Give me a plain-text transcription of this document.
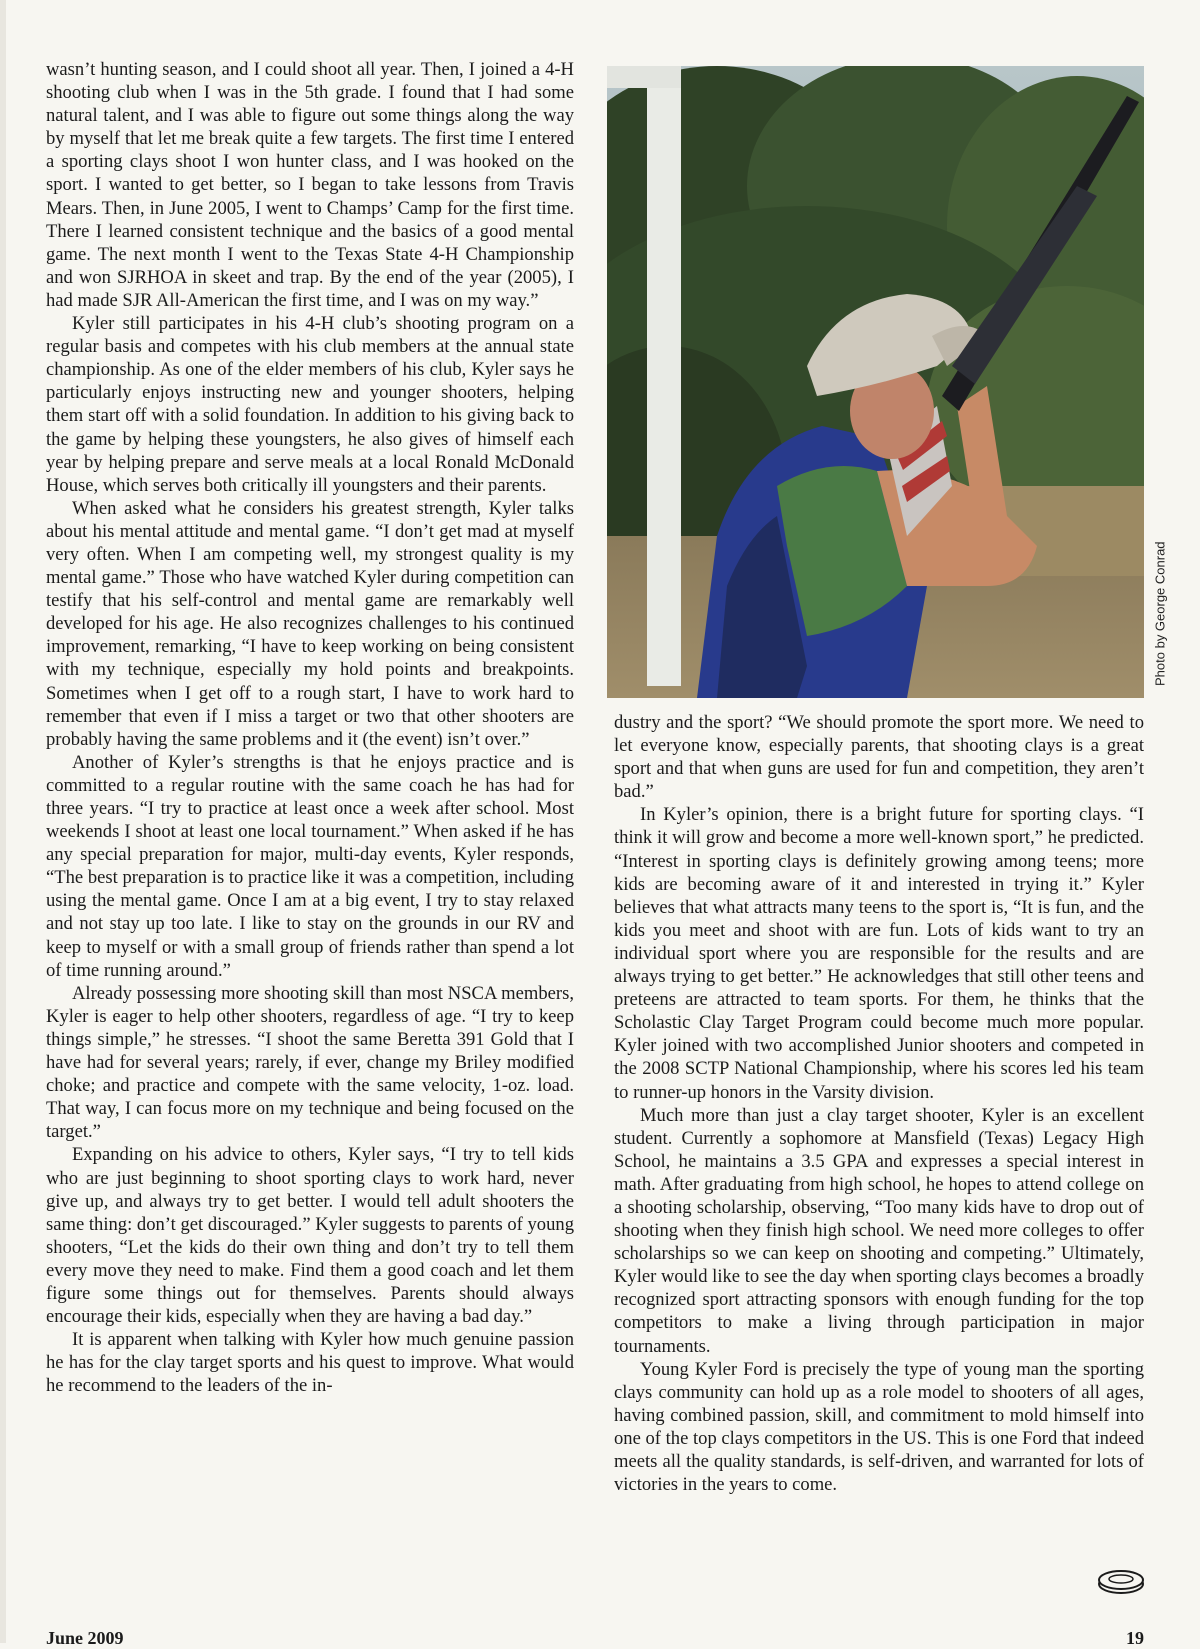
wasn’t hunting season, and I could shoot all year. Then, I joined a 4-H shooting club when I was in the 5th grade. I found that I had some natural talent, and I was able to figure out some things along the way by myself that let me break quite a few targets. The first time I entered a sporting clays shoot I won hunter class, and I was hooked on the sport. I wanted to get better, so I began to take lessons from Travis Mears. Then, in June 2005, I went to Champs’ Camp for the first time. There I learned consistent technique and the basics of a good mental game. The next month I went to the Texas State 4-H Championship and won SJRHOA in skeet and trap. By the end of the year (2005), I had made SJR All-American the first time, and I was on my way.”

Kyler still participates in his 4-H club’s shooting program on a regular basis and competes with his club members at the annual state championship. As one of the elder members of his club, Kyler says he particularly enjoys instructing new and younger shooters, helping them start off with a solid foundation. In addition to his giving back to the game by helping these youngsters, he also gives of himself each year by helping prepare and serve meals at a local Ronald McDonald House, which serves both critically ill youngsters and their parents.

When asked what he considers his greatest strength, Kyler talks about his mental attitude and mental game. “I don’t get mad at myself very often. When I am competing well, my strongest quality is my mental game.” Those who have watched Kyler during competition can testify that his self-control and mental game are remarkably well developed for his age. He also recognizes challenges to his continued improvement, remarking, “I have to keep working on being consistent with my technique, especially my hold points and breakpoints. Sometimes when I get off to a rough start, I have to work hard to remember that even if I miss a target or two that other shooters are probably having the same problems and it (the event) isn’t over.”

Another of Kyler’s strengths is that he enjoys practice and is committed to a regular routine with the same coach he has had for three years. “I try to practice at least once a week after school. Most weekends I shoot at least one local tournament.” When asked if he has any special preparation for major, multi-day events, Kyler responds, “The best preparation is to practice like it was a competition, including using the mental game. Once I am at a big event, I try to stay relaxed and not stay up too late. I like to stay on the grounds in our RV and keep to myself or with a small group of friends rather than spend a lot of time running around.”

Already possessing more shooting skill than most NSCA members, Kyler is eager to help other shooters, regardless of age. “I try to keep things simple,” he stresses. “I shoot the same Beretta 391 Gold that I have had for several years; rarely, if ever, change my Briley modified choke; and practice and compete with the same velocity, 1-oz. load. That way, I can focus more on my technique and being focused on the target.”

Expanding on his advice to others, Kyler says, “I try to tell kids who are just beginning to shoot sporting clays to work hard, never give up, and always try to get better. I would tell adult shooters the same thing: don’t get discouraged.” Kyler suggests to parents of young shooters, “Let the kids do their own thing and don’t try to tell them every move they need to make. Find them a good coach and let them figure some things out for themselves. Parents should always encourage their kids, especially when they are having a bad day.”

It is apparent when talking with Kyler how much genuine passion he has for the clay target sports and his quest to improve. What would he recommend to the leaders of the in-

Photo by George Conrad

dustry and the sport? “We should promote the sport more. We need to let everyone know, especially parents, that shooting clays is a great sport and that when guns are used for fun and competition, they aren’t bad.”

In Kyler’s opinion, there is a bright future for sporting clays. “I think it will grow and become a more well-known sport,” he predicted. “Interest in sporting clays is definitely growing among teens; more kids are becoming aware of it and interested in trying it.” Kyler believes that what attracts many teens to the sport is, “It is fun, and the kids you meet and shoot with are fun. Lots of kids want to try an individual sport where you are responsible for the results and are always trying to get better.” He acknowledges that still other teens and preteens are attracted to team sports. For them, he thinks that the Scholastic Clay Target Program could become much more popular. Kyler joined with two accomplished Junior shooters and competed in the 2008 SCTP National Championship, where his scores led his team to runner-up honors in the Varsity division.

Much more than just a clay target shooter, Kyler is an excellent student. Currently a sophomore at Mansfield (Texas) Legacy High School, he maintains a 3.5 GPA and expresses a special interest in math. After graduating from high school, he hopes to attend college on a shooting scholarship, observing, “Too many kids have to drop out of shooting when they finish high school. We need more colleges to offer scholarships so we can keep on shooting and competing.” Ultimately, Kyler would like to see the day when sporting clays becomes a broadly recognized sport attracting sponsors with enough funding for the top competitors to make a living through participation in major tournaments.

Young Kyler Ford is precisely the type of young man the sporting clays community can hold up as a role model to shooters of all ages, having combined passion, skill, and commitment to mold himself into one of the top clays competitors in the US. This is one Ford that indeed meets all the quality standards, is self-driven, and warranted for lots of victories in the years to come.

June 2009	19
